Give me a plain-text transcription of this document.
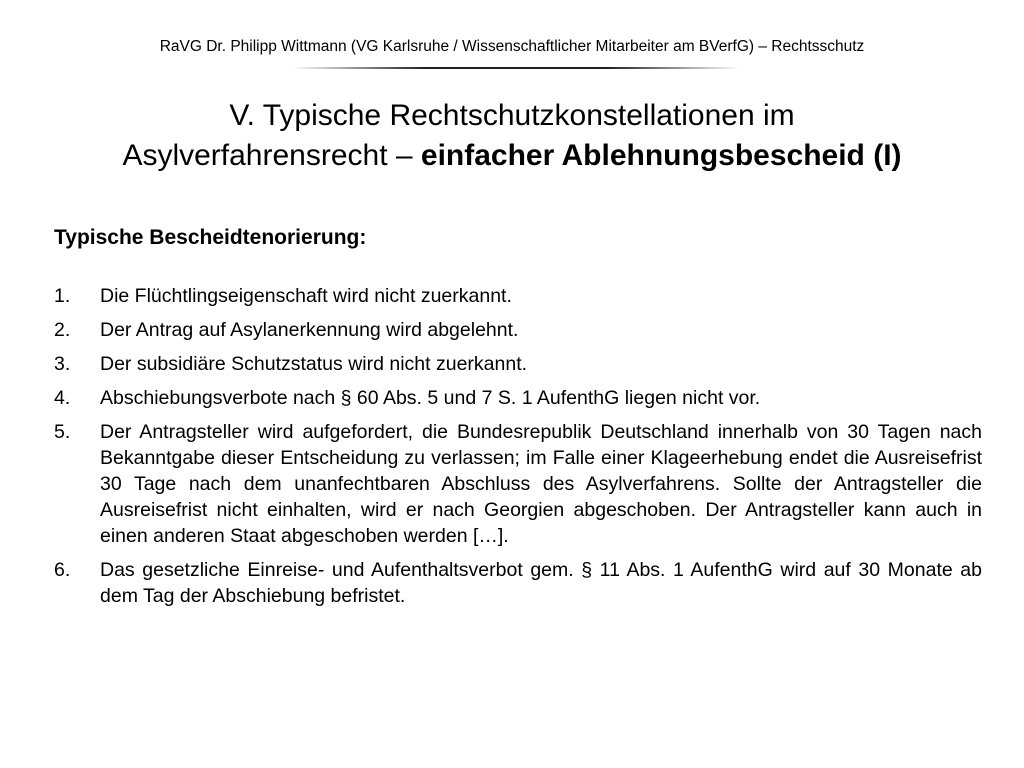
RaVG Dr. Philipp Wittmann (VG Karlsruhe / Wissenschaftlicher Mitarbeiter am BVerfG) – Rechtsschutz
V. Typische Rechtschutzkonstellationen im
Asylverfahrensrecht – einfacher Ablehnungsbescheid (I)
Typische Bescheidtenorierung:
1. Die Flüchtlingseigenschaft wird nicht zuerkannt.
2. Der Antrag auf Asylanerkennung wird abgelehnt.
3. Der subsidiäre Schutzstatus wird nicht zuerkannt.
4. Abschiebungsverbote nach § 60 Abs. 5 und 7 S. 1 AufenthG liegen nicht vor.
5. Der Antragsteller wird aufgefordert, die Bundesrepublik Deutschland innerhalb von 30 Tagen nach Bekanntgabe dieser Entscheidung zu verlassen; im Falle einer Klageerhebung endet die Ausreisefrist 30 Tage nach dem unanfechtbaren Abschluss des Asylverfahrens. Sollte der Antragsteller die Ausreisefrist nicht einhalten, wird er nach Georgien abgeschoben. Der Antragsteller kann auch in einen anderen Staat abgeschoben werden […].
6. Das gesetzliche Einreise- und Aufenthaltsverbot gem. § 11 Abs. 1 AufenthG wird auf 30 Monate ab dem Tag der Abschiebung befristet.
